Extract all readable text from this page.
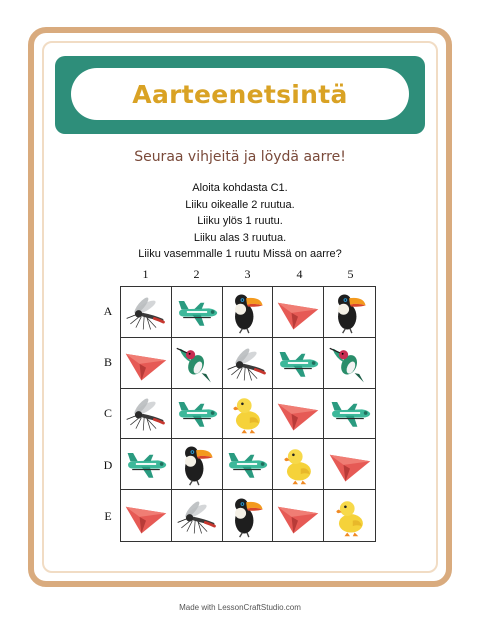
Aarteenetsintä
Seuraa vihjeitä ja löydä aarre!
Aloita kohdasta C1.
Liiku oikealle 2 ruutua.
Liiku ylös 1 ruutu.
Liiku alas 3 ruutua.
Liiku vasemmalle 1 ruutu Missä on aarre?
1	2	3	4	5
A
B
C
D
E
Made with LessonCraftStudio.com
